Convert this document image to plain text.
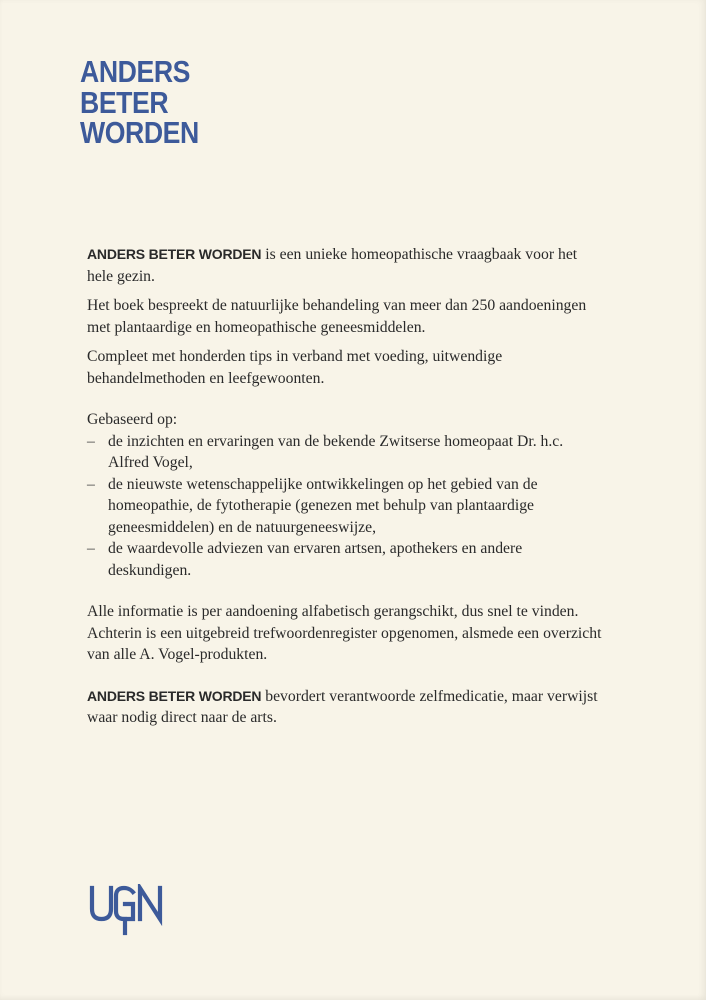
ANDERS
BETER
WORDEN

ANDERS BETER WORDEN is een unieke homeopathische vraagbaak voor het hele gezin.

Het boek bespreekt de natuurlijke behandeling van meer dan 250 aandoeningen met plantaardige en homeopathische geneesmiddelen.

Compleet met honderden tips in verband met voeding, uitwendige behandelmethoden en leefgewoonten.

Gebaseerd op:

– de inzichten en ervaringen van de bekende Zwitserse homeopaat Dr. h.c. Alfred Vogel,
– de nieuwste wetenschappelijke ontwikkelingen op het gebied van de homeopathie, de fytotherapie (genezen met behulp van plantaardige geneesmiddelen) en de natuurgeneeswijze,
– de waardevolle adviezen van ervaren artsen, apothekers en andere deskundigen.

Alle informatie is per aandoening alfabetisch gerangschikt, dus snel te vinden. Achterin is een uitgebreid trefwoordenregister opgenomen, alsmede een overzicht van alle A. Vogel-produkten.

ANDERS BETER WORDEN bevordert verantwoorde zelfmedicatie, maar verwijst waar nodig direct naar de arts.
